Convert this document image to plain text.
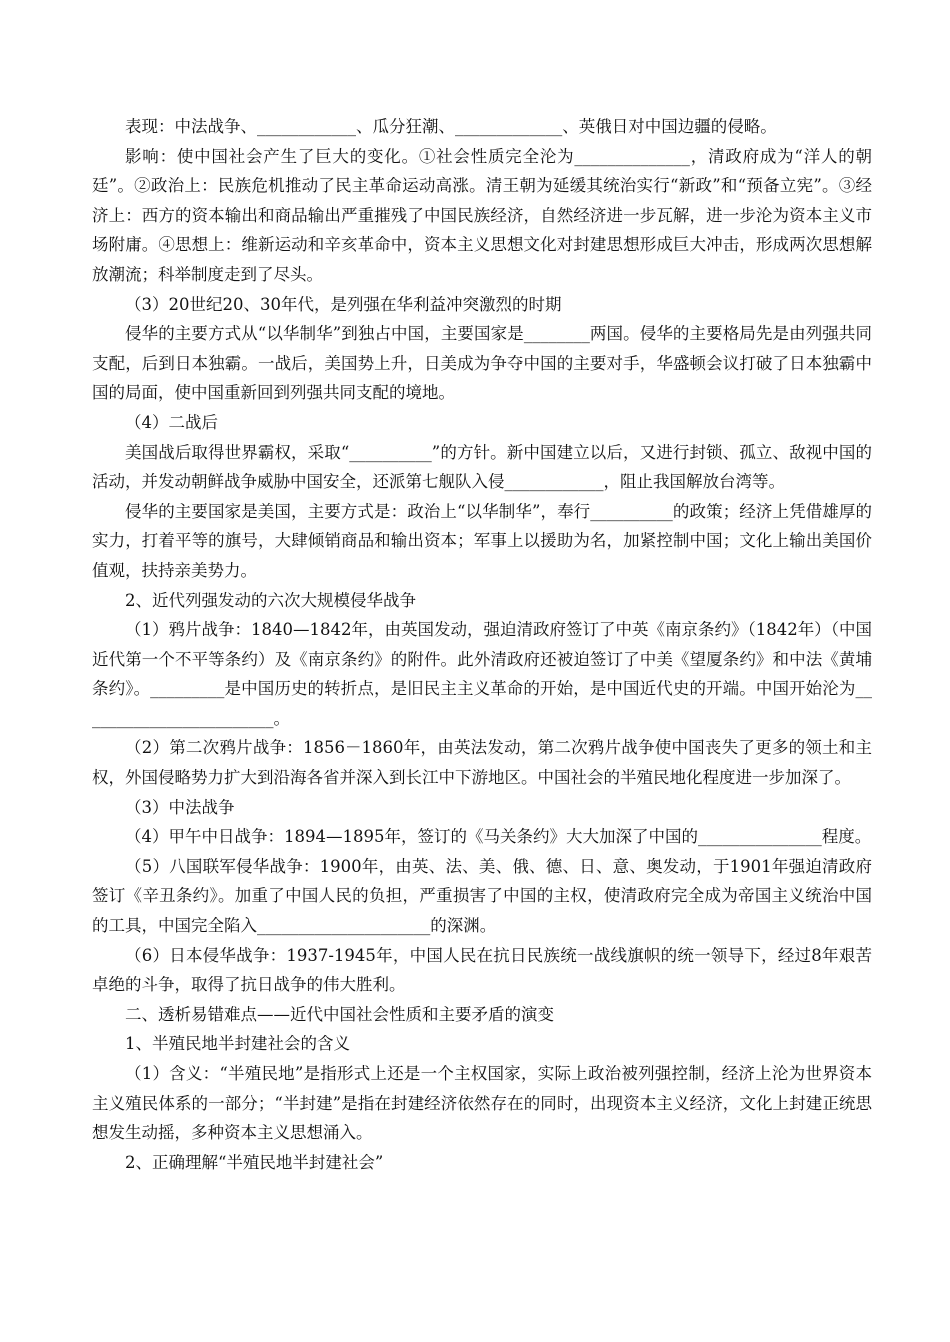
表现：中法战争、____________、瓜分狂潮、_____________、英俄日对中国边疆的侵略。

影响：使中国社会产生了巨大的变化。①社会性质完全沦为______________，清政府成为“洋人的朝廷”。②政治上：民族危机推动了民主革命运动高涨。清王朝为延缓其统治实行“新政”和“预备立宪”。③经济上：西方的资本输出和商品输出严重摧残了中国民族经济，自然经济进一步瓦解，进一步沦为资本主义市场附庸。④思想上：维新运动和辛亥革命中，资本主义思想文化对封建思想形成巨大冲击，形成两次思想解放潮流；科举制度走到了尽头。

（3）20世纪20、30年代，是列强在华利益冲突激烈的时期

侵华的主要方式从“以华制华”到独占中国，主要国家是________两国。侵华的主要格局先是由列强共同支配，后到日本独霸。一战后，美国势上升，日美成为争夺中国的主要对手，华盛顿会议打破了日本独霸中国的局面，使中国重新回到列强共同支配的境地。

（4）二战后

美国战后取得世界霸权，采取“__________”的方针。新中国建立以后，又进行封锁、孤立、敌视中国的活动，并发动朝鲜战争威胁中国安全，还派第七舰队入侵____________，阻止我国解放台湾等。

侵华的主要国家是美国，主要方式是：政治上“以华制华”，奉行__________的政策；经济上凭借雄厚的实力，打着平等的旗号，大肆倾销商品和输出资本；军事上以援助为名，加紧控制中国；文化上输出美国价值观，扶持亲美势力。

2、近代列强发动的六次大规模侵华战争

（1）鸦片战争：1840—1842年，由英国发动，强迫清政府签订了中英《南京条约》（1842年）（中国近代第一个不平等条约）及《南京条约》的附件。此外清政府还被迫签订了中美《望厦条约》和中法《黄埔条约》。_________是中国历史的转折点，是旧民主主义革命的开始，是中国近代史的开端。中国开始沦为________________________。

（2）第二次鸦片战争：1856－1860年，由英法发动，第二次鸦片战争使中国丧失了更多的领土和主权，外国侵略势力扩大到沿海各省并深入到长江中下游地区。中国社会的半殖民地化程度进一步加深了。

（3）中法战争

（4）甲午中日战争：1894—1895年，签订的《马关条约》大大加深了中国的_______________程度。

（5）八国联军侵华战争：1900年，由英、法、美、俄、德、日、意、奥发动，于1901年强迫清政府签订《辛丑条约》。加重了中国人民的负担，严重损害了中国的主权，使清政府完全成为帝国主义统治中国的工具，中国完全陷入_____________________的深渊。

（6）日本侵华战争：1937-1945年，中国人民在抗日民族统一战线旗帜的统一领导下，经过8年艰苦卓绝的斗争，取得了抗日战争的伟大胜利。

二、透析易错难点——近代中国社会性质和主要矛盾的演变

1、半殖民地半封建社会的含义

（1）含义：“半殖民地”是指形式上还是一个主权国家，实际上政治被列强控制，经济上沦为世界资本主义殖民体系的一部分；“半封建”是指在封建经济依然存在的同时，出现资本主义经济，文化上封建正统思想发生动摇，多种资本主义思想涌入。

2、正确理解“半殖民地半封建社会”
